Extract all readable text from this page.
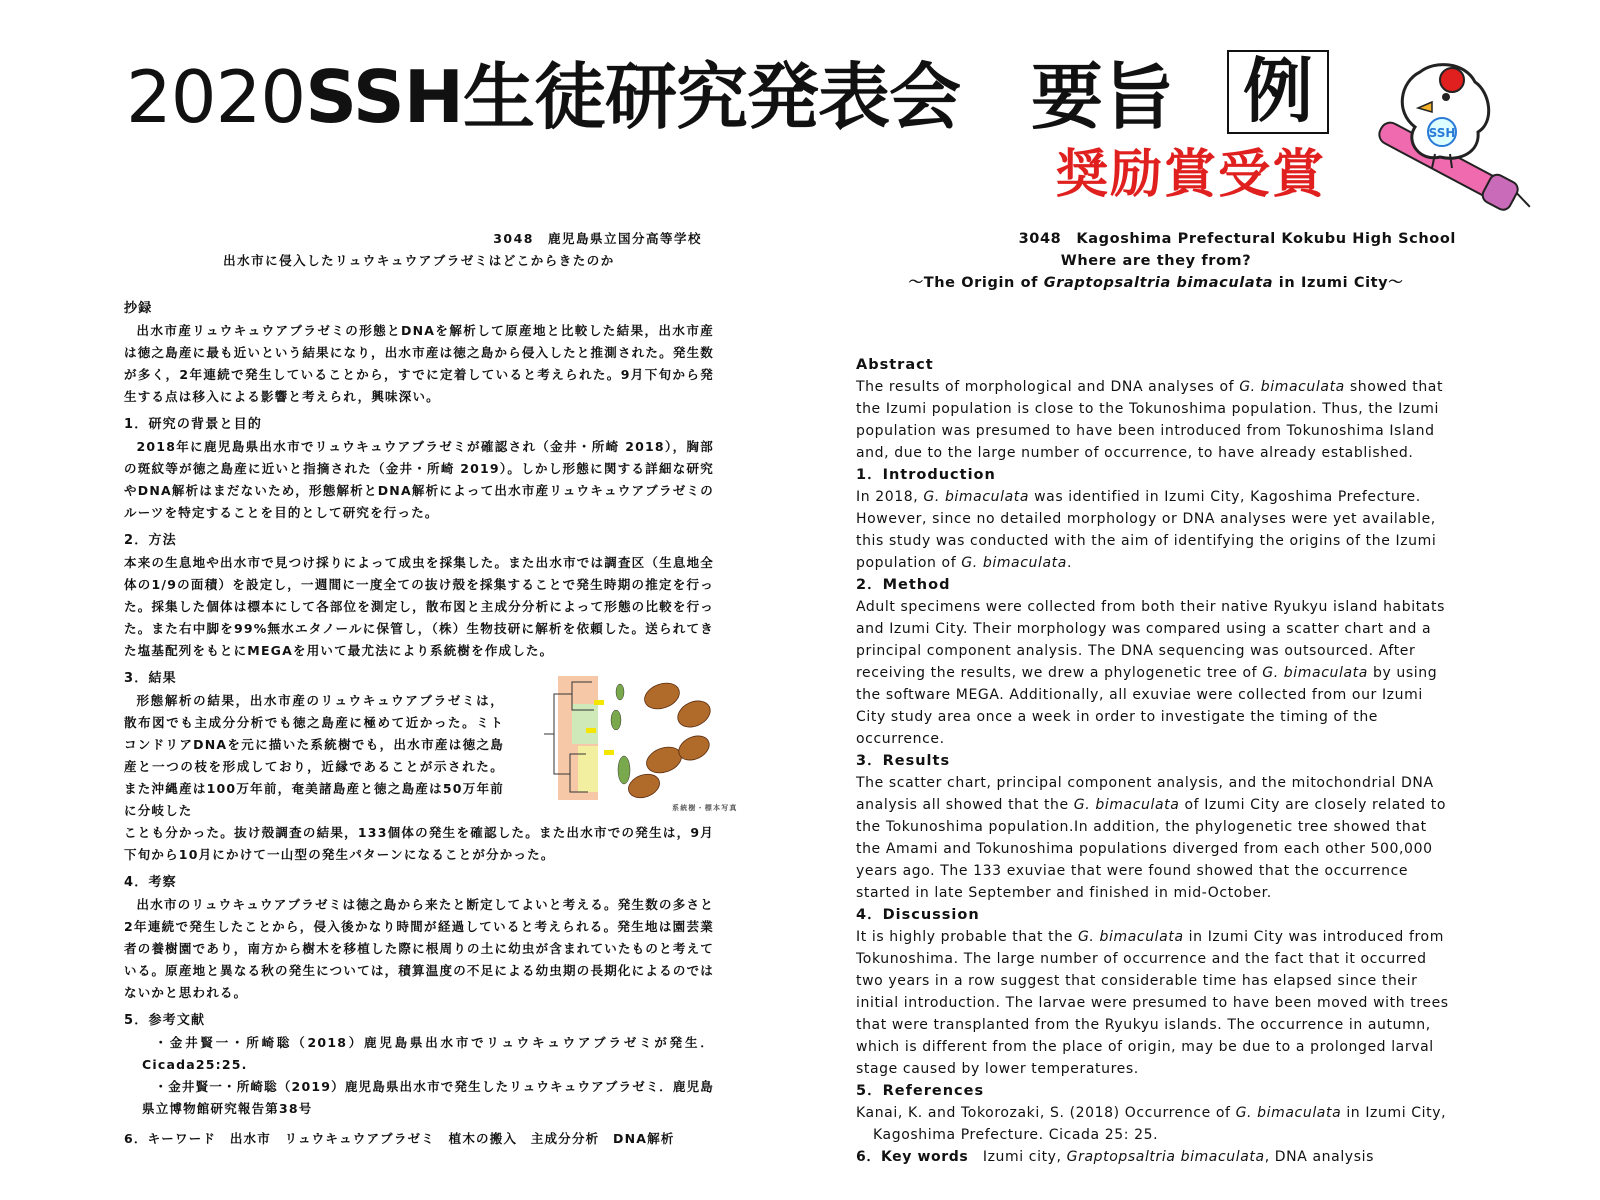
2020SSH生徒研究発表会　要旨 例
奨励賞受賞
SSH
3048　鹿児島県立国分高等学校
出水市に侵入したリュウキュウアブラゼミはどこからきたのか
抄録

出水市産リュウキュウアブラゼミの形態とDNAを解析して原産地と比較した結果，出水市産は徳之島産に最も近いという結果になり，出水市産は徳之島から侵入したと推測された。発生数が多く，2年連続で発生していることから，すでに定着していると考えられた。9月下旬から発生する点は移入による影響と考えられ，興味深い。

1．研究の背景と目的

2018年に鹿児島県出水市でリュウキュウアブラゼミが確認され（金井・所崎 2018），胸部の斑紋等が徳之島産に近いと指摘された（金井・所崎 2019）。しかし形態に関する詳細な研究やDNA解析はまだないため，形態解析とDNA解析によって出水市産リュウキュウアブラゼミのルーツを特定することを目的として研究を行った。

2．方法

本来の生息地や出水市で見つけ採りによって成虫を採集した。また出水市では調査区（生息地全体の1/9の面積）を設定し，一週間に一度全ての抜け殻を採集することで発生時期の推定を行った。採集した個体は標本にして各部位を測定し，散布図と主成分分析によって形態の比較を行った。また右中脚を99%無水エタノールに保管し，（株）生物技研に解析を依頼した。送られてきた塩基配列をもとにMEGAを用いて最尤法により系統樹を作成した。

3．結果

形態解析の結果，出水市産のリュウキュウアブラゼミは，散布図でも主成分分析でも徳之島産に極めて近かった。ミトコンドリアDNAを元に描いた系統樹でも，出水市産は徳之島産と一つの枝を形成しており，近縁であることが示された。また沖縄産は100万年前，奄美諸島産と徳之島産は50万年前に分岐した

ことも分かった。抜け殻調査の結果，133個体の発生を確認した。また出水市での発生は，9月下旬から10月にかけて一山型の発生パターンになることが分かった。

系統樹・標本写真
4．考察

出水市のリュウキュウアブラゼミは徳之島から来たと断定してよいと考える。発生数の多さと2年連続で発生したことから，侵入後かなり時間が経過していると考えられる。発生地は園芸業者の養樹園であり，南方から樹木を移植した際に根周りの土に幼虫が含まれていたものと考えている。原産地と異なる秋の発生については，積算温度の不足による幼虫期の長期化によるのではないかと思われる。

5．参考文献

・金井賢一・所崎聡（2018）鹿児島県出水市でリュウキュウアブラゼミが発生．Cicada25:25.

・金井賢一・所崎聡（2019）鹿児島県出水市で発生したリュウキュウアブラゼミ．鹿児島県立博物館研究報告第38号

6．キーワード　 出水市　リュウキュウアブラゼミ　植木の搬入　主成分分析　DNA解析
3048　Kagoshima Prefectural Kokubu High School
Where are they from?
～The Origin of Graptopsaltria bimaculata in Izumi City～
Abstract

The results of morphological and DNA analyses of G. bimaculata showed that the Izumi population is close to the Tokunoshima population. Thus, the Izumi population was presumed to have been introduced from Tokunoshima Island and, due to the large number of occurrence, to have already established.

1．Introduction

In 2018, G. bimaculata was identified in Izumi City, Kagoshima Prefecture. However, since no detailed morphology or DNA analyses were yet available, this study was conducted with the aim of identifying the origins of the Izumi population of G. bimaculata.

2．Method

Adult specimens were collected from both their native Ryukyu island habitats and Izumi City. Their morphology was compared using a scatter chart and a principal component analysis. The DNA sequencing was outsourced. After receiving the results, we drew a phylogenetic tree of G. bimaculata by using the software MEGA. Additionally, all exuviae were collected from our Izumi City study area once a week in order to investigate the timing of the occurrence.

3．Results

The scatter chart, principal component analysis, and the mitochondrial DNA analysis all showed that the G. bimaculata of Izumi City are closely related to the Tokunoshima population.In addition, the phylogenetic tree showed that the Amami and Tokunoshima populations diverged from each other 500,000 years ago. The 133 exuviae that were found showed that the occurrence started in late September and finished in mid-October.

4．Discussion

It is highly probable that the G. bimaculata in Izumi City was introduced from Tokunoshima. The large number of occurrence and the fact that it occurred two years in a row suggest that considerable time has elapsed since their initial introduction. The larvae were presumed to have been moved with trees that were transplanted from the Ryukyu islands. The occurrence in autumn, which is different from the place of origin, may be due to a prolonged larval stage caused by lower temperatures.

5．References

Kanai, K. and Tokorozaki, S. (2018) Occurrence of G. bimaculata in Izumi City, Kagoshima Prefecture. Cicada 25: 25.

6．Key words　 Izumi city, Graptopsaltria bimaculata, DNA analysis
